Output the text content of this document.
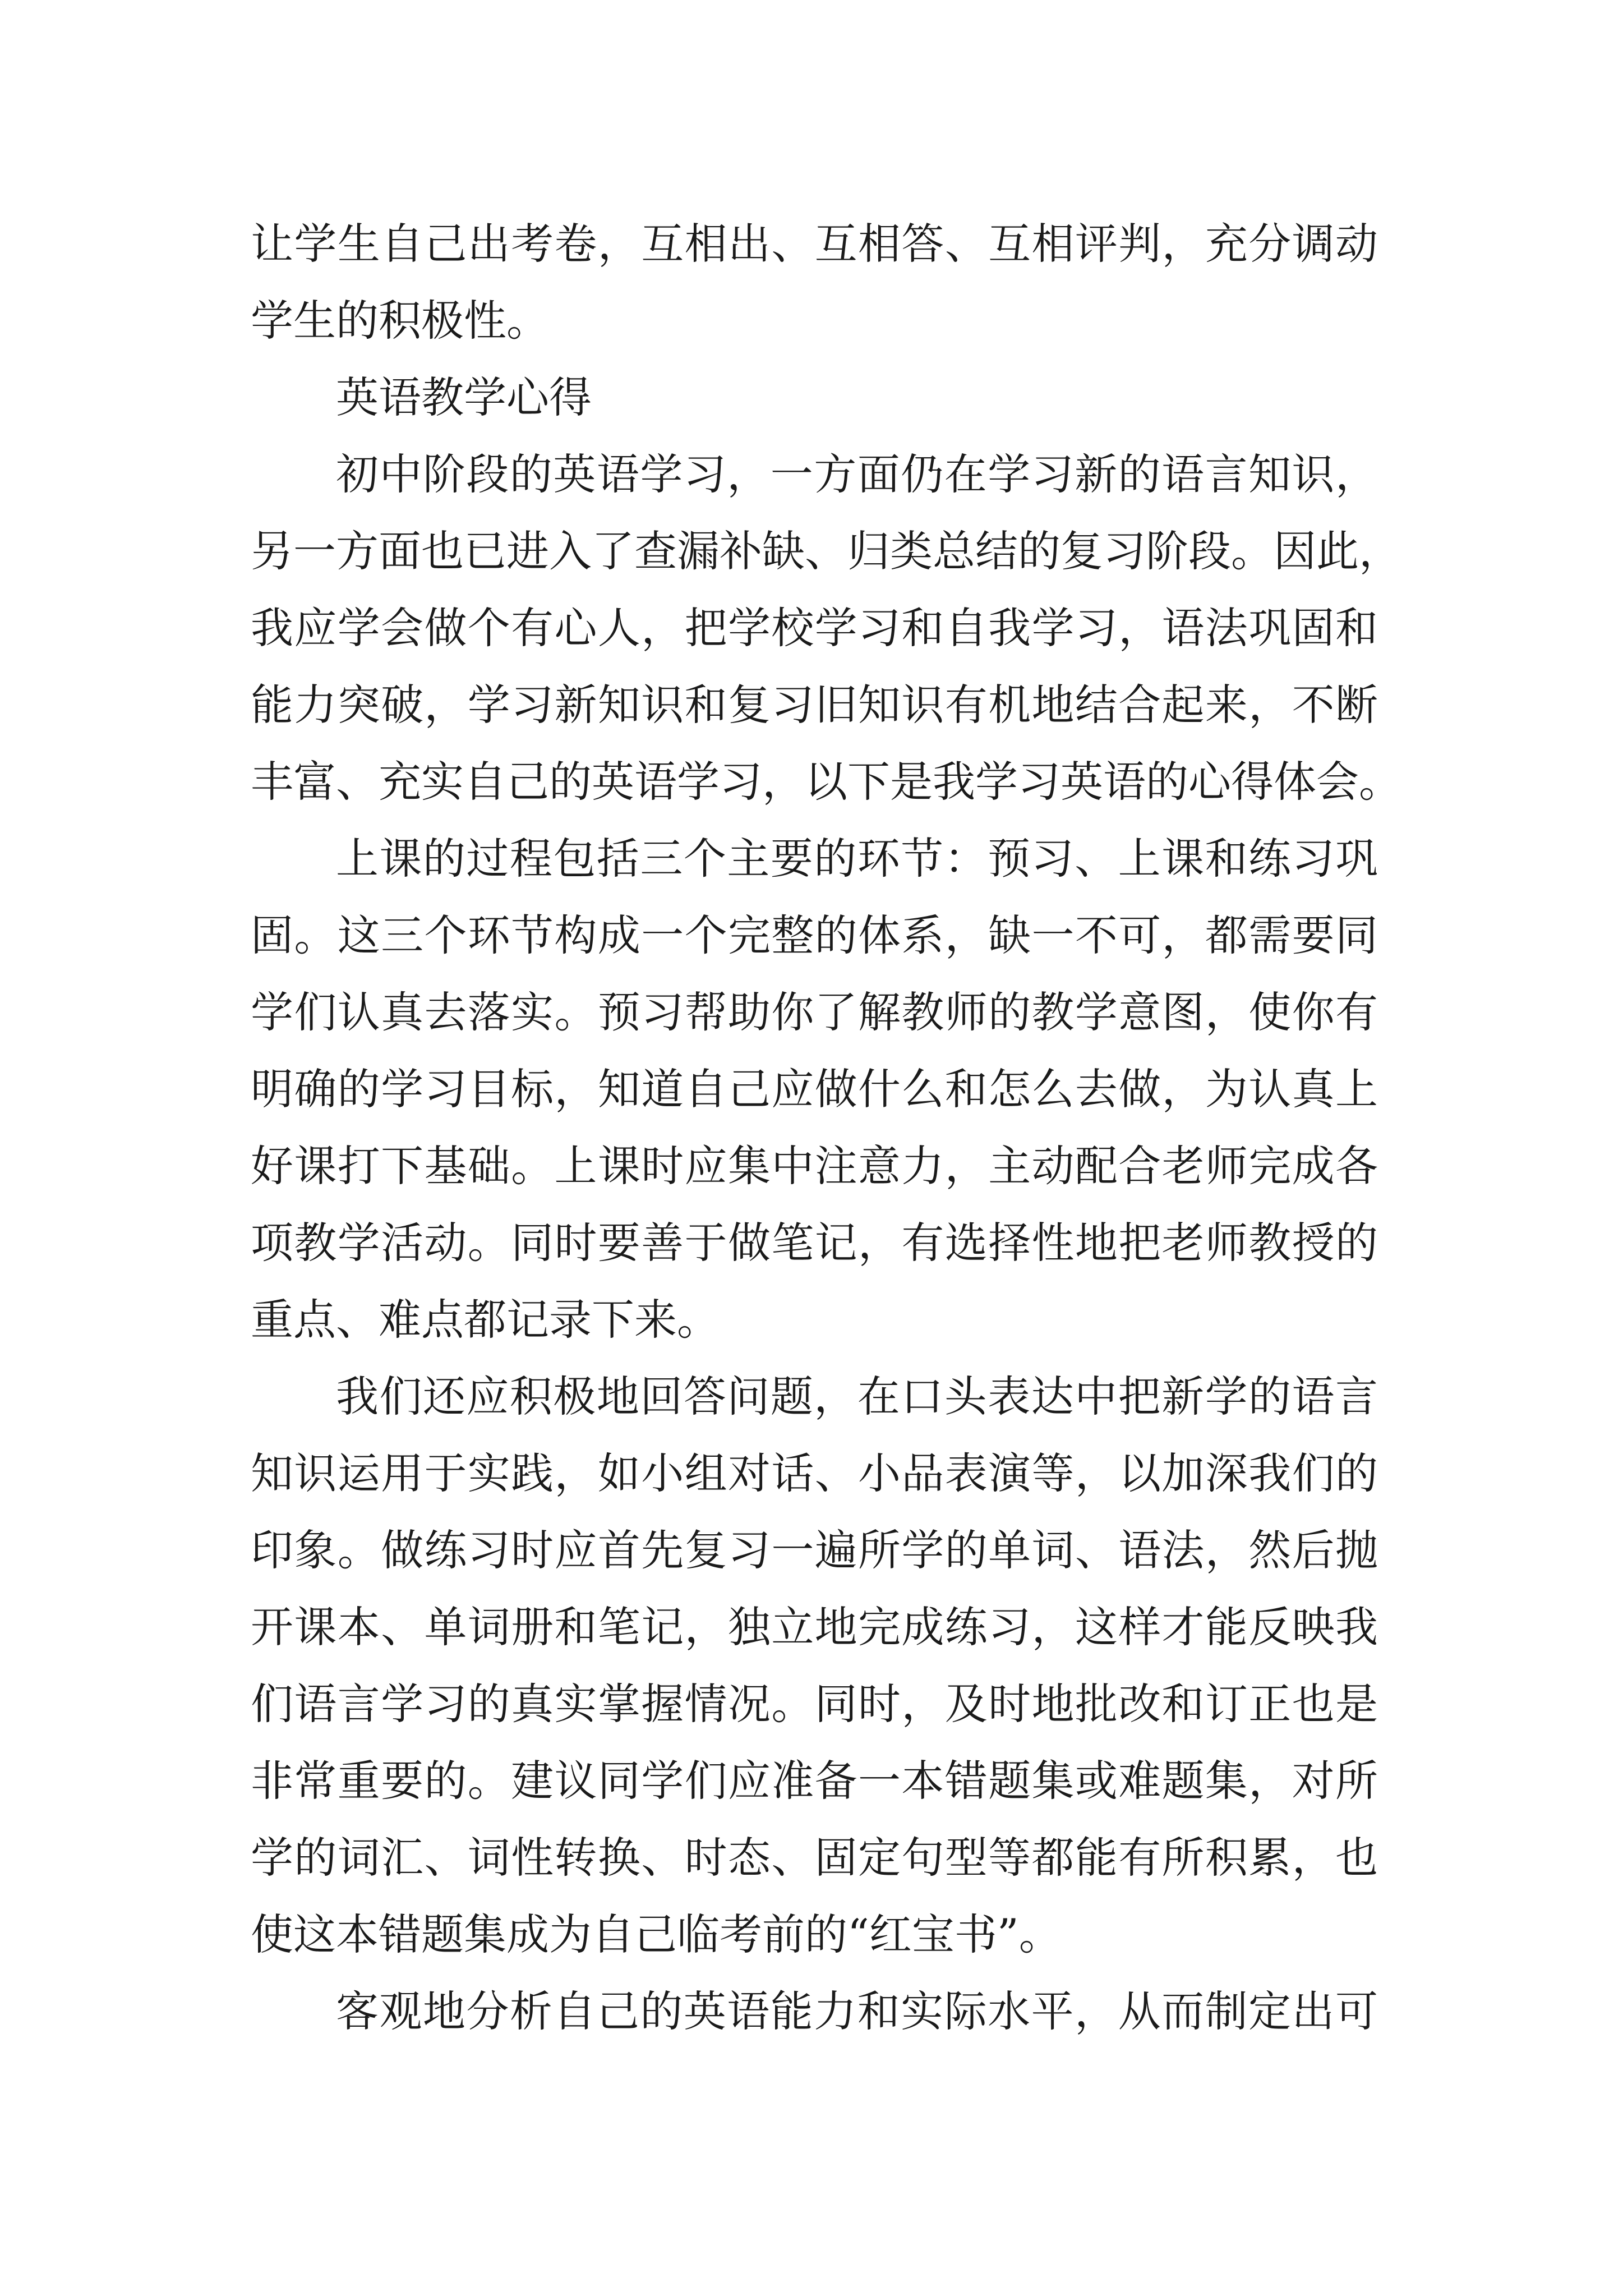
让学生自己出考卷，互相出、互相答、互相评判，充分调动
学生的积极性。
英语教学心得
初中阶段的英语学习，一方面仍在学习新的语言知识，
另一方面也已进入了查漏补缺、归类总结的复习阶段。因此，
我应学会做个有心人，把学校学习和自我学习，语法巩固和
能力突破，学习新知识和复习旧知识有机地结合起来，不断
丰富、充实自己的英语学习，以下是我学习英语的心得体会。
上课的过程包括三个主要的环节：预习、上课和练习巩
固。这三个环节构成一个完整的体系，缺一不可，都需要同
学们认真去落实。预习帮助你了解教师的教学意图，使你有
明确的学习目标，知道自己应做什么和怎么去做，为认真上
好课打下基础。上课时应集中注意力，主动配合老师完成各
项教学活动。同时要善于做笔记，有选择性地把老师教授的
重点、难点都记录下来。
我们还应积极地回答问题，在口头表达中把新学的语言
知识运用于实践，如小组对话、小品表演等，以加深我们的
印象。做练习时应首先复习一遍所学的单词、语法，然后抛
开课本、单词册和笔记，独立地完成练习，这样才能反映我
们语言学习的真实掌握情况。同时，及时地批改和订正也是
非常重要的。建议同学们应准备一本错题集或难题集，对所
学的词汇、词性转换、时态、固定句型等都能有所积累，也
使这本错题集成为自己临考前的“红宝书”。
客观地分析自己的英语能力和实际水平，从而制定出可
